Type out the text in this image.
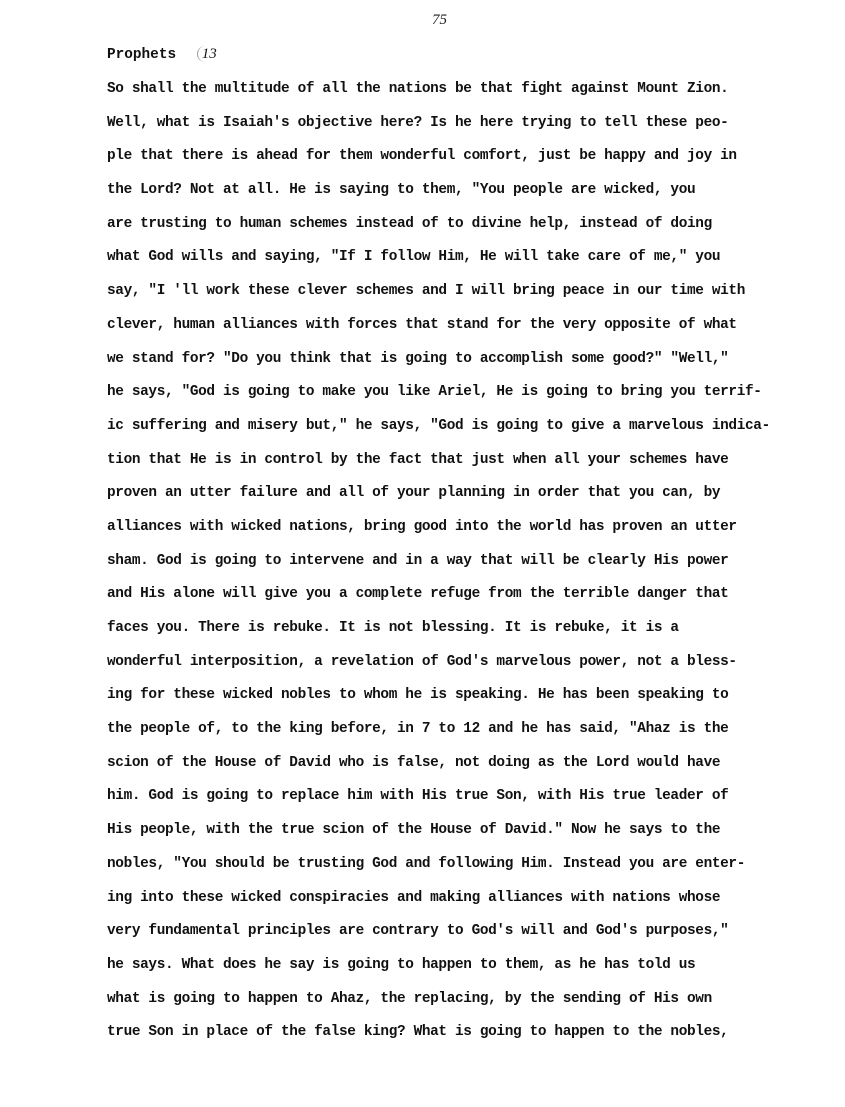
75
Prophets 13
So shall the multitude of all the nations be that fight against Mount Zion.
Well, what is Isaiah's objective here? Is he here trying to tell these peo-
ple that there is ahead for them wonderful comfort, just be happy and joy in
the Lord? Not at all. He is saying to them, "You people are wicked, you
are trusting to human schemes instead of to divine help, instead of doing
what God wills and saying, "If I follow Him, He will take care of me," you
say, "I 'll work these clever schemes and I will bring peace in our time with
clever, human alliances with forces that stand for the very opposite of what
we stand for? "Do you think that is going to accomplish some good?" "Well,"
he says, "God is going to make you like Ariel, He is going to bring you terrif-
ic suffering and misery but," he says, "God is going to give a marvelous indica-
tion that He is in control by the fact that just when all your schemes have
proven an utter failure and all of your planning in order that you can, by
alliances with wicked nations, bring good into the world has proven an utter
sham. God is going to intervene and in a way that will be clearly His power
and His alone will give you a complete refuge from the terrible danger that
faces you. There is rebuke. It is not blessing. It is rebuke, it is a
wonderful interposition, a revelation of God's marvelous power, not a bless-
ing for these wicked nobles to whom he is speaking. He has been speaking to
the people of, to the king before, in 7 to 12 and he has said, "Ahaz is the
scion of the House of David who is false, not doing as the Lord would have
him. God is going to replace him with His true Son, with His true leader of
His people, with the true scion of the House of David." Now he says to the
nobles, "You should be trusting God and following Him. Instead you are enter-
ing into these wicked conspiracies and making alliances with nations whose
very fundamental principles are contrary to God's will and God's purposes,"
he says. What does he say is going to happen to them, as he has told us
what is going to happen to Ahaz, the replacing, by the sending of His own
true Son in place of the false king? What is going to happen to the nobles,
